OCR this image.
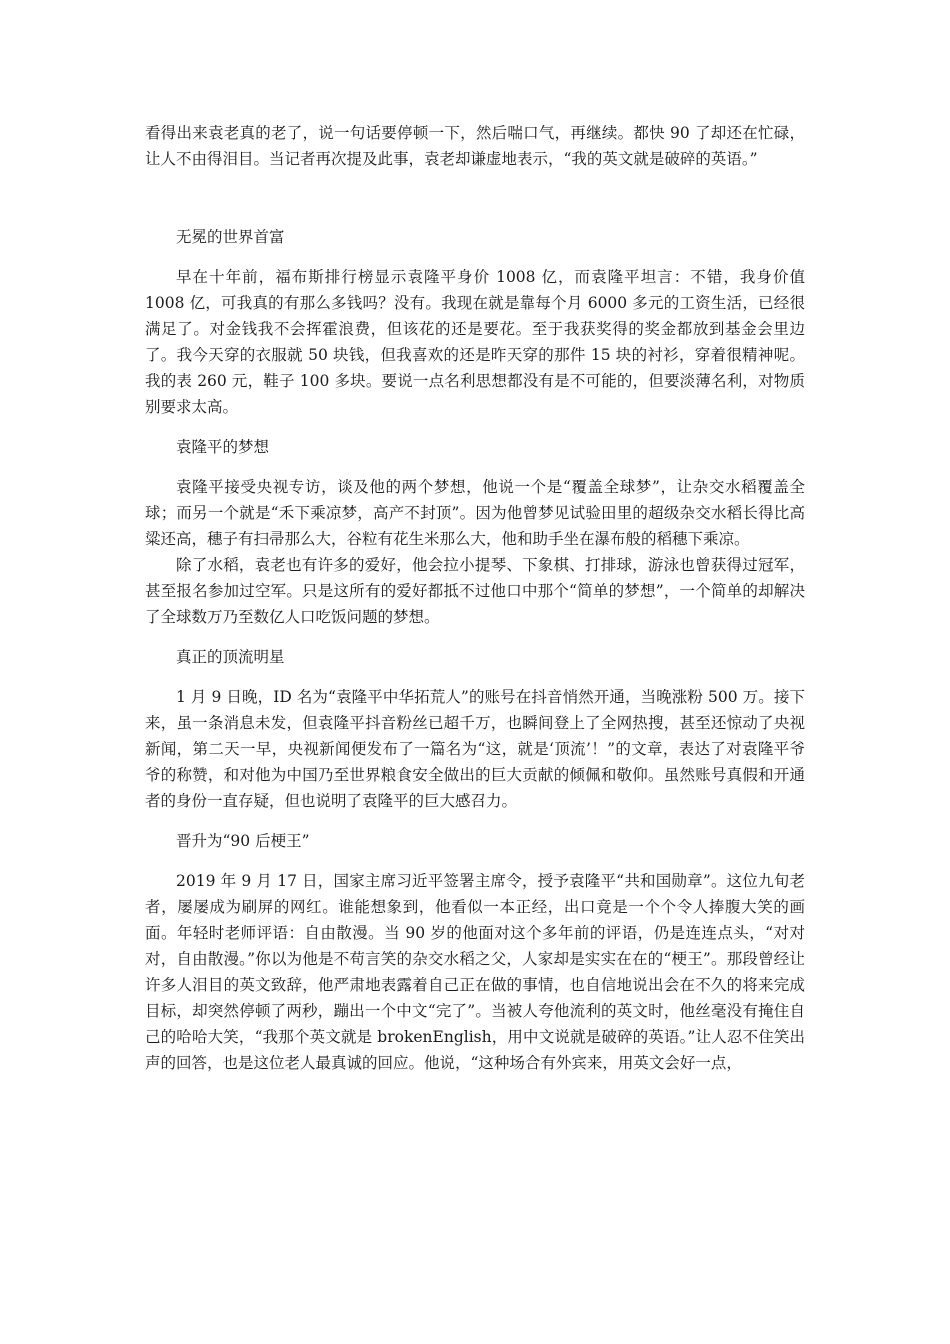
看得出来袁老真的老了，说一句话要停顿一下，然后喘口气，再继续。都快 90 了却还在忙碌，让人不由得泪目。当记者再次提及此事，袁老却谦虚地表示，“我的英文就是破碎的英语。”

无冕的世界首富

早在十年前，福布斯排行榜显示袁隆平身价 1008 亿，而袁隆平坦言：不错，我身价值 1008 亿，可我真的有那么多钱吗？没有。我现在就是靠每个月 6000 多元的工资生活，已经很满足了。对金钱我不会挥霍浪费，但该花的还是要花。至于我获奖得的奖金都放到基金会里边了。我今天穿的衣服就 50 块钱，但我喜欢的还是昨天穿的那件 15 块的衬衫，穿着很精神呢。我的表 260 元，鞋子 100 多块。要说一点名利思想都没有是不可能的，但要淡薄名利，对物质别要求太高。

袁隆平的梦想

袁隆平接受央视专访，谈及他的两个梦想，他说一个是“覆盖全球梦”，让杂交水稻覆盖全球；而另一个就是“禾下乘凉梦，高产不封顶”。因为他曾梦见试验田里的超级杂交水稻长得比高粱还高，穗子有扫帚那么大，谷粒有花生米那么大，他和助手坐在瀑布般的稻穗下乘凉。

除了水稻，袁老也有许多的爱好，他会拉小提琴、下象棋、打排球，游泳也曾获得过冠军，甚至报名参加过空军。只是这所有的爱好都抵不过他口中那个“简单的梦想”，一个简单的却解决了全球数万乃至数亿人口吃饭问题的梦想。

真正的顶流明星

1 月 9 日晚，ID 名为“袁隆平中华拓荒人”的账号在抖音悄然开通，当晚涨粉 500 万。接下来，虽一条消息未发，但袁隆平抖音粉丝已超千万，也瞬间登上了全网热搜，甚至还惊动了央视新闻，第二天一早，央视新闻便发布了一篇名为“这，就是‘顶流’！”的文章，表达了对袁隆平爷爷的称赞，和对他为中国乃至世界粮食安全做出的巨大贡献的倾佩和敬仰。虽然账号真假和开通者的身份一直存疑，但也说明了袁隆平的巨大感召力。

晋升为“90 后梗王”

2019 年 9 月 17 日，国家主席习近平签署主席令，授予袁隆平“共和国勋章”。这位九旬老者，屡屡成为刷屏的网红。谁能想象到，他看似一本正经，出口竟是一个个令人捧腹大笑的画面。年轻时老师评语：自由散漫。当 90 岁的他面对这个多年前的评语，仍是连连点头，“对对对，自由散漫。”你以为他是不苟言笑的杂交水稻之父，人家却是实实在在的“梗王”。那段曾经让许多人泪目的英文致辞，他严肃地表露着自己正在做的事情，也自信地说出会在不久的将来完成目标，却突然停顿了两秒，蹦出一个中文“完了”。当被人夸他流利的英文时，他丝毫没有掩住自己的哈哈大笑，“我那个英文就是 brokenEnglish，用中文说就是破碎的英语。”让人忍不住笑出声的回答，也是这位老人最真诚的回应。他说，“这种场合有外宾来，用英文会好一点，
